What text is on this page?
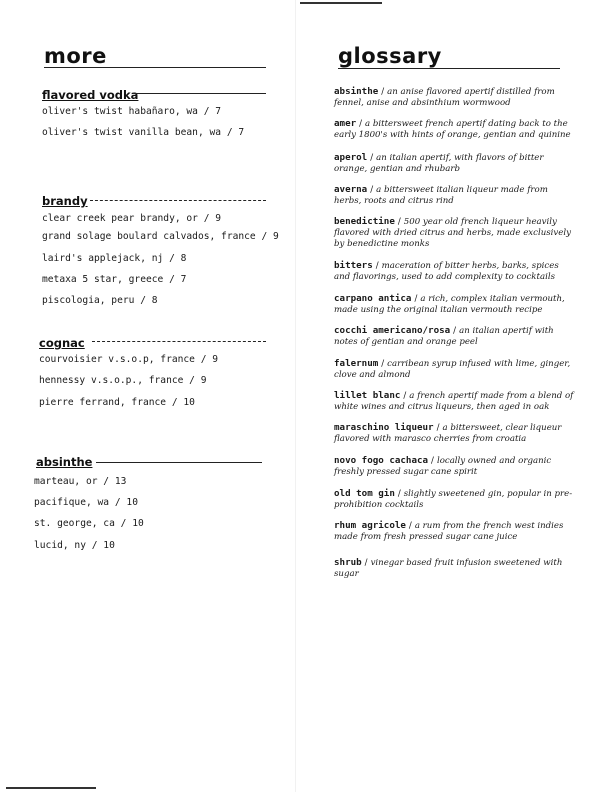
more
flavored vodka

oliver's twist habañaro, wa / 7

oliver's twist vanilla bean, wa / 7

brandy

clear creek pear brandy, or / 9

grand solage boulard calvados, france / 9

laird's applejack, nj / 8

metaxa 5 star, greece / 7

piscologia, peru / 8

cognac

courvoisier v.s.o.p, france / 9

hennessy v.s.o.p., france / 9

pierre ferrand, france / 10

absinthe

marteau, or / 13

pacifique, wa / 10

st. george, ca / 10

lucid, ny / 10

glossary

absinthe / an anise flavored apertif distilled from fennel, anise and absinthium wormwood

amer / a bittersweet french apertif dating back to the early 1800's with hints of orange, gentian and quinine

aperol / an italian apertif, with flavors of bitter orange, gentian and rhubarb

averna / a bittersweet italian liqueur made from herbs, roots and citrus rind

benedictine / 500 year old french liqueur heavily flavored with dried citrus and herbs, made exclusively by benedictine monks

bitters / maceration of bitter herbs, barks, spices and flavorings, used to add complexity to cocktails

carpano antica / a rich, complex italian vermouth, made using the original italian vermouth recipe

cocchi americano/rosa / an italian apertif with notes of gentian and orange peel

falernum / carribean syrup infused with lime, ginger, clove and almond

lillet blanc / a french apertif made from a blend of white wines and citrus liqueurs, then aged in oak

maraschino liqueur / a bittersweet, clear liqueur flavored with marasco cherries from croatia

novo fogo cachaca / locally owned and organic freshly pressed sugar cane spirit

old tom gin / slightly sweetened gin, popular in pre-prohibition cocktails

rhum agricole / a rum from the french west indies made from fresh pressed sugar cane juice

shrub / vinegar based fruit infusion sweetened with sugar
